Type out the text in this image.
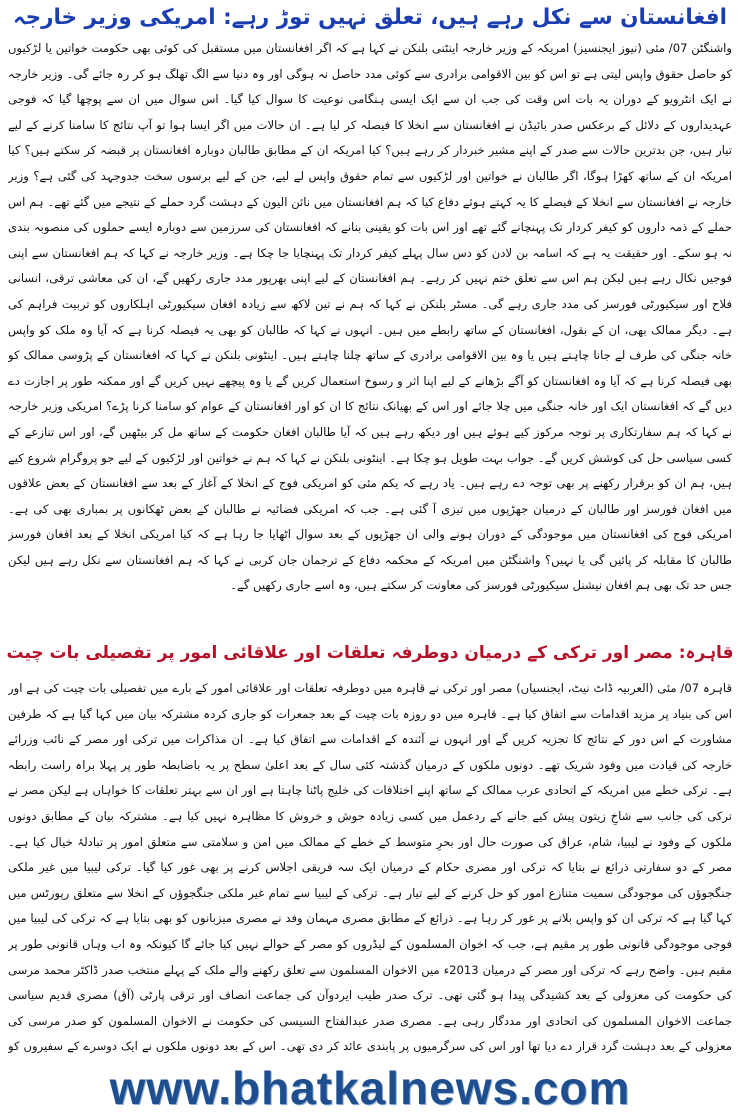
افغانستان سے نکل رہے ہیں، تعلق نہیں توڑ رہے: امریکی وزیر خارجہ

واشنگٹن 07/ مئی (نیوز ایجنسیز) امریکہ کے وزیر خارجہ اینٹنی بلنکن نے کہا ہے کہ اگر افغانستان میں مستقبل کی کوئی بھی حکومت خواتین یا لڑکیوں کو حاصل حقوق واپس لیتی ہے تو اس کو بین الاقوامی برادری سے کوئی مدد حاصل نہ ہوگی اور وہ دنیا سے الگ تھلگ ہو کر رہ جائے گی۔ وزیر خارجہ نے ایک انٹرویو کے دوران یہ بات اس وقت کی جب ان سے ایک ایسی ہنگامی نوعیت کا سوال کیا گیا۔ اس سوال میں ان سے پوچھا گیا کہ فوجی عہدیداروں کے دلائل کے برعکس صدر بائیڈن نے افغانستان سے انخلا کا فیصلہ کر لیا ہے۔ ان حالات میں اگر ایسا ہوا تو آپ نتائج کا سامنا کرنے کے لیے تیار ہیں، جن بدترین حالات سے صدر کے اپنے مشیر خبردار کر رہے ہیں؟ کیا امریکہ ان کے مطابق طالبان دوبارہ افغانستان پر قبضہ کر سکتے ہیں؟ کیا امریکہ ان کے ساتھ کھڑا ہوگا، اگر طالبان نے خواتین اور لڑکیوں سے تمام حقوق واپس لے لیے، جن کے لیے برسوں سخت جدوجہد کی گئی ہے؟ وزیر خارجہ نے افغانستان سے انخلا کے فیصلے کا یہ کہتے ہوئے دفاع کیا کہ ہم افغانستان میں نائن الیون کے دہشت گرد حملے کے نتیجے میں گئے تھے۔ ہم اس حملے کے ذمہ داروں کو کیفر کردار تک پہنچانے گئے تھے اور اس بات کو یقینی بنانے کہ افغانستان کی سرزمین سے دوبارہ ایسے حملوں کی منصوبہ بندی نہ ہو سکے۔ اور حقیقت یہ ہے کہ اسامہ بن لادن کو دس سال پہلے کیفر کردار تک پہنچایا جا چکا ہے۔ وزیر خارجہ نے کہا کہ ہم افغانستان سے اپنی فوجیں نکال رہے ہیں لیکن ہم اس سے تعلق ختم نہیں کر رہے۔ ہم افغانستان کے لیے اپنی بھرپور مدد جاری رکھیں گے، ان کی معاشی ترقی، انسانی فلاح اور سیکیورٹی فورسز کی مدد جاری رہے گی۔ مسٹر بلنکن نے کہا کہ ہم نے تین لاکھ سے زیادہ افغان سیکیورٹی اہلکاروں کو تربیت فراہم کی ہے۔ دیگر ممالک بھی، ان کے بقول، افغانستان کے ساتھ رابطے میں ہیں۔ انہوں نے کہا کہ طالبان کو بھی یہ فیصلہ کرنا ہے کہ آیا وہ ملک کو واپس خانہ جنگی کی طرف لے جانا چاہتے ہیں یا وہ بین الاقوامی برادری کے ساتھ چلنا چاہتے ہیں۔ اینٹونی بلنکن نے کہا کہ افغانستان کے پڑوسی ممالک کو بھی فیصلہ کرنا ہے کہ آیا وہ افغانستان کو آگے بڑھانے کے لیے اپنا اثر و رسوخ استعمال کریں گے یا وہ پیچھے نہیں کریں گے اور ممکنہ طور پر اجازت دے دیں گے کہ افغانستان ایک اور خانہ جنگی میں چلا جائے اور اس کے بھیانک نتائج کا ان کو اور افغانستان کے عوام کو سامنا کرنا پڑے؟ امریکی وزیر خارجہ نے کہا کہ ہم سفارتکاری پر توجہ مرکوز کیے ہوئے ہیں اور دیکھ رہے ہیں کہ آیا طالبان افغان حکومت کے ساتھ مل کر بیٹھیں گے، اور اس تنازعے کے کسی سیاسی حل کی کوشش کریں گے۔ جواب بہت طویل ہو چکا ہے۔ اینٹونی بلنکن نے کہا کہ ہم نے خواتین اور لڑکیوں کے لیے جو پروگرام شروع کیے ہیں، ہم ان کو برقرار رکھنے پر بھی توجہ دے رہے ہیں۔ یاد رہے کہ یکم مئی کو امریکی فوج کے انخلا کے آغاز کے بعد سے افغانستان کے بعض علاقوں میں افغان فورسز اور طالبان کے درمیان جھڑپوں میں تیزی آ گئی ہے۔ جب کہ امریکی فضائیہ نے طالبان کے بعض ٹھکانوں پر بمباری بھی کی ہے۔ امریکی فوج کی افغانستان میں موجودگی کے دوران ہونے والی ان جھڑپوں کے بعد سوال اٹھایا جا رہا ہے کہ کیا امریکی انخلا کے بعد افغان فورسز طالبان کا مقابلہ کر پائیں گی یا نہیں؟ واشنگٹن میں امریکہ کے محکمہ دفاع کے ترجمان جان کربی نے کہا کہ ہم افغانستان سے نکل رہے ہیں لیکن جس حد تک بھی ہم افغان نیشنل سیکیورٹی فورسز کی معاونت کر سکتے ہیں، وہ اسے جاری رکھیں گے۔

قاہرہ: مصر اور ترکی کے درمیان دوطرفہ تعلقات اور علاقائی امور پر تفصیلی بات چیت

قاہرہ 07/ مئی (العربیہ ڈاٹ نیٹ، ایجنسیاں) مصر اور ترکی نے قاہرہ میں دوطرفہ تعلقات اور علاقائی امور کے بارے میں تفصیلی بات چیت کی ہے اور اس کی بنیاد پر مزید اقدامات سے اتفاق کیا ہے۔ قاہرہ میں دو روزہ بات چیت کے بعد جمعرات کو جاری کردہ مشترکہ بیان میں کہا گیا ہے کہ طرفین مشاورت کے اس دور کے نتائج کا تجزیہ کریں گے اور انہوں نے آئندہ کے اقدامات سے اتفاق کیا ہے۔ ان مذاکرات میں ترکی اور مصر کے نائب وزرائے خارجہ کی قیادت میں وفود شریک تھے۔ دونوں ملکوں کے درمیان گذشتہ کئی سال کے بعد اعلیٰ سطح پر یہ باضابطہ طور پر پہلا براہ راست رابطہ ہے۔ ترکی خطے میں امریکہ کے اتحادی عرب ممالک کے ساتھ اپنے اختلافات کی خلیج پاٹنا چاہتا ہے اور ان سے بہتر تعلقات کا خواہاں ہے لیکن مصر نے ترکی کی جانب سے شاخِ زیتون پیش کیے جانے کے ردعمل میں کسی زیادہ جوش و خروش کا مظاہرہ نہیں کیا ہے۔ مشترکہ بیان کے مطابق دونوں ملکوں کے وفود نے لیبیا، شام، عراق کی صورت حال اور بحرِ متوسط کے خطے کے ممالک میں امن و سلامتی سے متعلق امور پر تبادلۂ خیال کیا ہے۔ مصر کے دو سفارتی ذرائع نے بتایا کہ ترکی اور مصری حکام کے درمیان ایک سہ فریقی اجلاس کرنے پر بھی غور کیا گیا۔ ترکی لیبیا میں غیر ملکی جنگجوؤں کی موجودگی سمیت متنازع امور کو حل کرنے کے لیے تیار ہے۔ ترکی کے لیبیا سے تمام غیر ملکی جنگجوؤں کے انخلا سے متعلق رپورٹس میں کہا گیا ہے کہ ترکی ان کو واپس بلانے پر غور کر رہا ہے۔ ذرائع کے مطابق مصری مہمان وفد نے مصری میزبانوں کو بھی بتایا ہے کہ ترکی کی لیبیا میں فوجی موجودگی قانونی طور پر مقیم ہے، جب کہ اخوان المسلمون کے لیڈروں کو مصر کے حوالے نہیں کیا جائے گا کیونکہ وہ اب وہاں قانونی طور پر مقیم ہیں۔ واضح رہے کہ ترکی اور مصر کے درمیان 2013ء میں الاخوان المسلمون سے تعلق رکھنے والے ملک کے پہلے منتخب صدر ڈاکٹر محمد مرسی کی حکومت کی معزولی کے بعد کشیدگی پیدا ہو گئی تھی۔ ترک صدر طیب ایردوآن کی جماعت انصاف اور ترقی پارٹی (آق) مصری قدیم سیاسی جماعت الاخوان المسلمون کی اتحادی اور مددگار رہی ہے۔ مصری صدر عبدالفتاح السیسی کی حکومت نے الاخوان المسلمون کو صدر مرسی کی معزولی کے بعد دہشت گرد قرار دے دیا تھا اور اس کی سرگرمیوں پر پابندی عائد کر دی تھی۔ اس کے بعد دونوں ملکوں نے ایک دوسرے کے سفیروں کو

www.bhatkalnews.com
